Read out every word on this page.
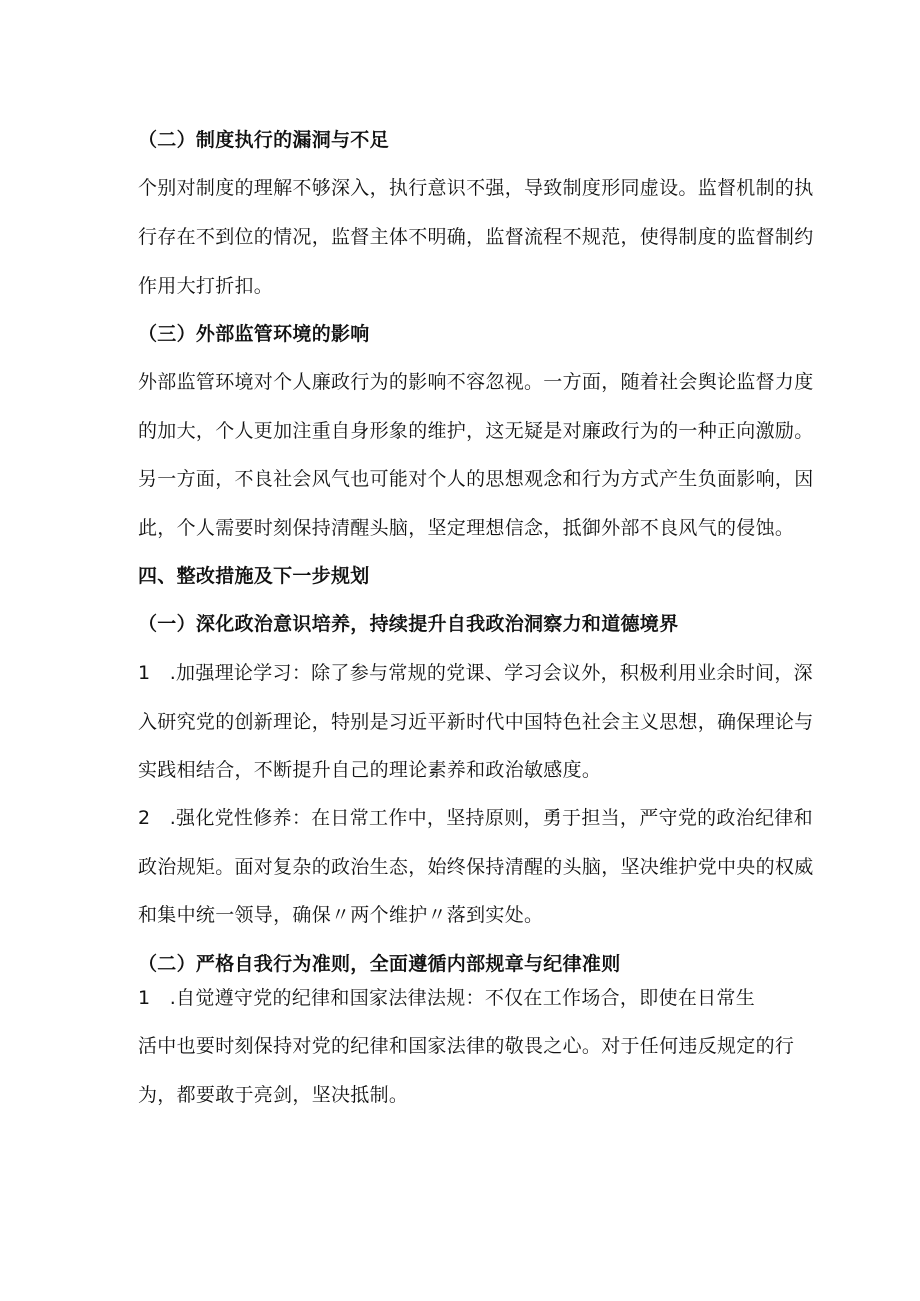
（二）制度执行的漏洞与不足
个别对制度的理解不够深入，执行意识不强，导致制度形同虚设。监督机制的执
行存在不到位的情况，监督主体不明确，监督流程不规范，使得制度的监督制约
作用大打折扣。
（三）外部监管环境的影响
外部监管环境对个人廉政行为的影响不容忽视。一方面，随着社会舆论监督力度
的加大，个人更加注重自身形象的维护，这无疑是对廉政行为的一种正向激励。
另一方面，不良社会风气也可能对个人的思想观念和行为方式产生负面影响，因
此，个人需要时刻保持清醒头脑，坚定理想信念，抵御外部不良风气的侵蚀。
四、整改措施及下一步规划
（一）深化政治意识培养，持续提升自我政治洞察力和道德境界
1　.加强理论学习：除了参与常规的党课、学习会议外，积极利用业余时间，深
入研究党的创新理论，特别是习近平新时代中国特色社会主义思想，确保理论与
实践相结合，不断提升自己的理论素养和政治敏感度。
2　.强化党性修养：在日常工作中，坚持原则，勇于担当，严守党的政治纪律和
政治规矩。面对复杂的政治生态，始终保持清醒的头脑，坚决维护党中央的权威
和集中统一领导，确保〃两个维护〃落到实处。
（二）严格自我行为准则，全面遵循内部规章与纪律准则
1　.自觉遵守党的纪律和国家法律法规：不仅在工作场合，即使在日常生
活中也要时刻保持对党的纪律和国家法律的敬畏之心。对于任何违反规定的行
为，都要敢于亮剑，坚决抵制。
